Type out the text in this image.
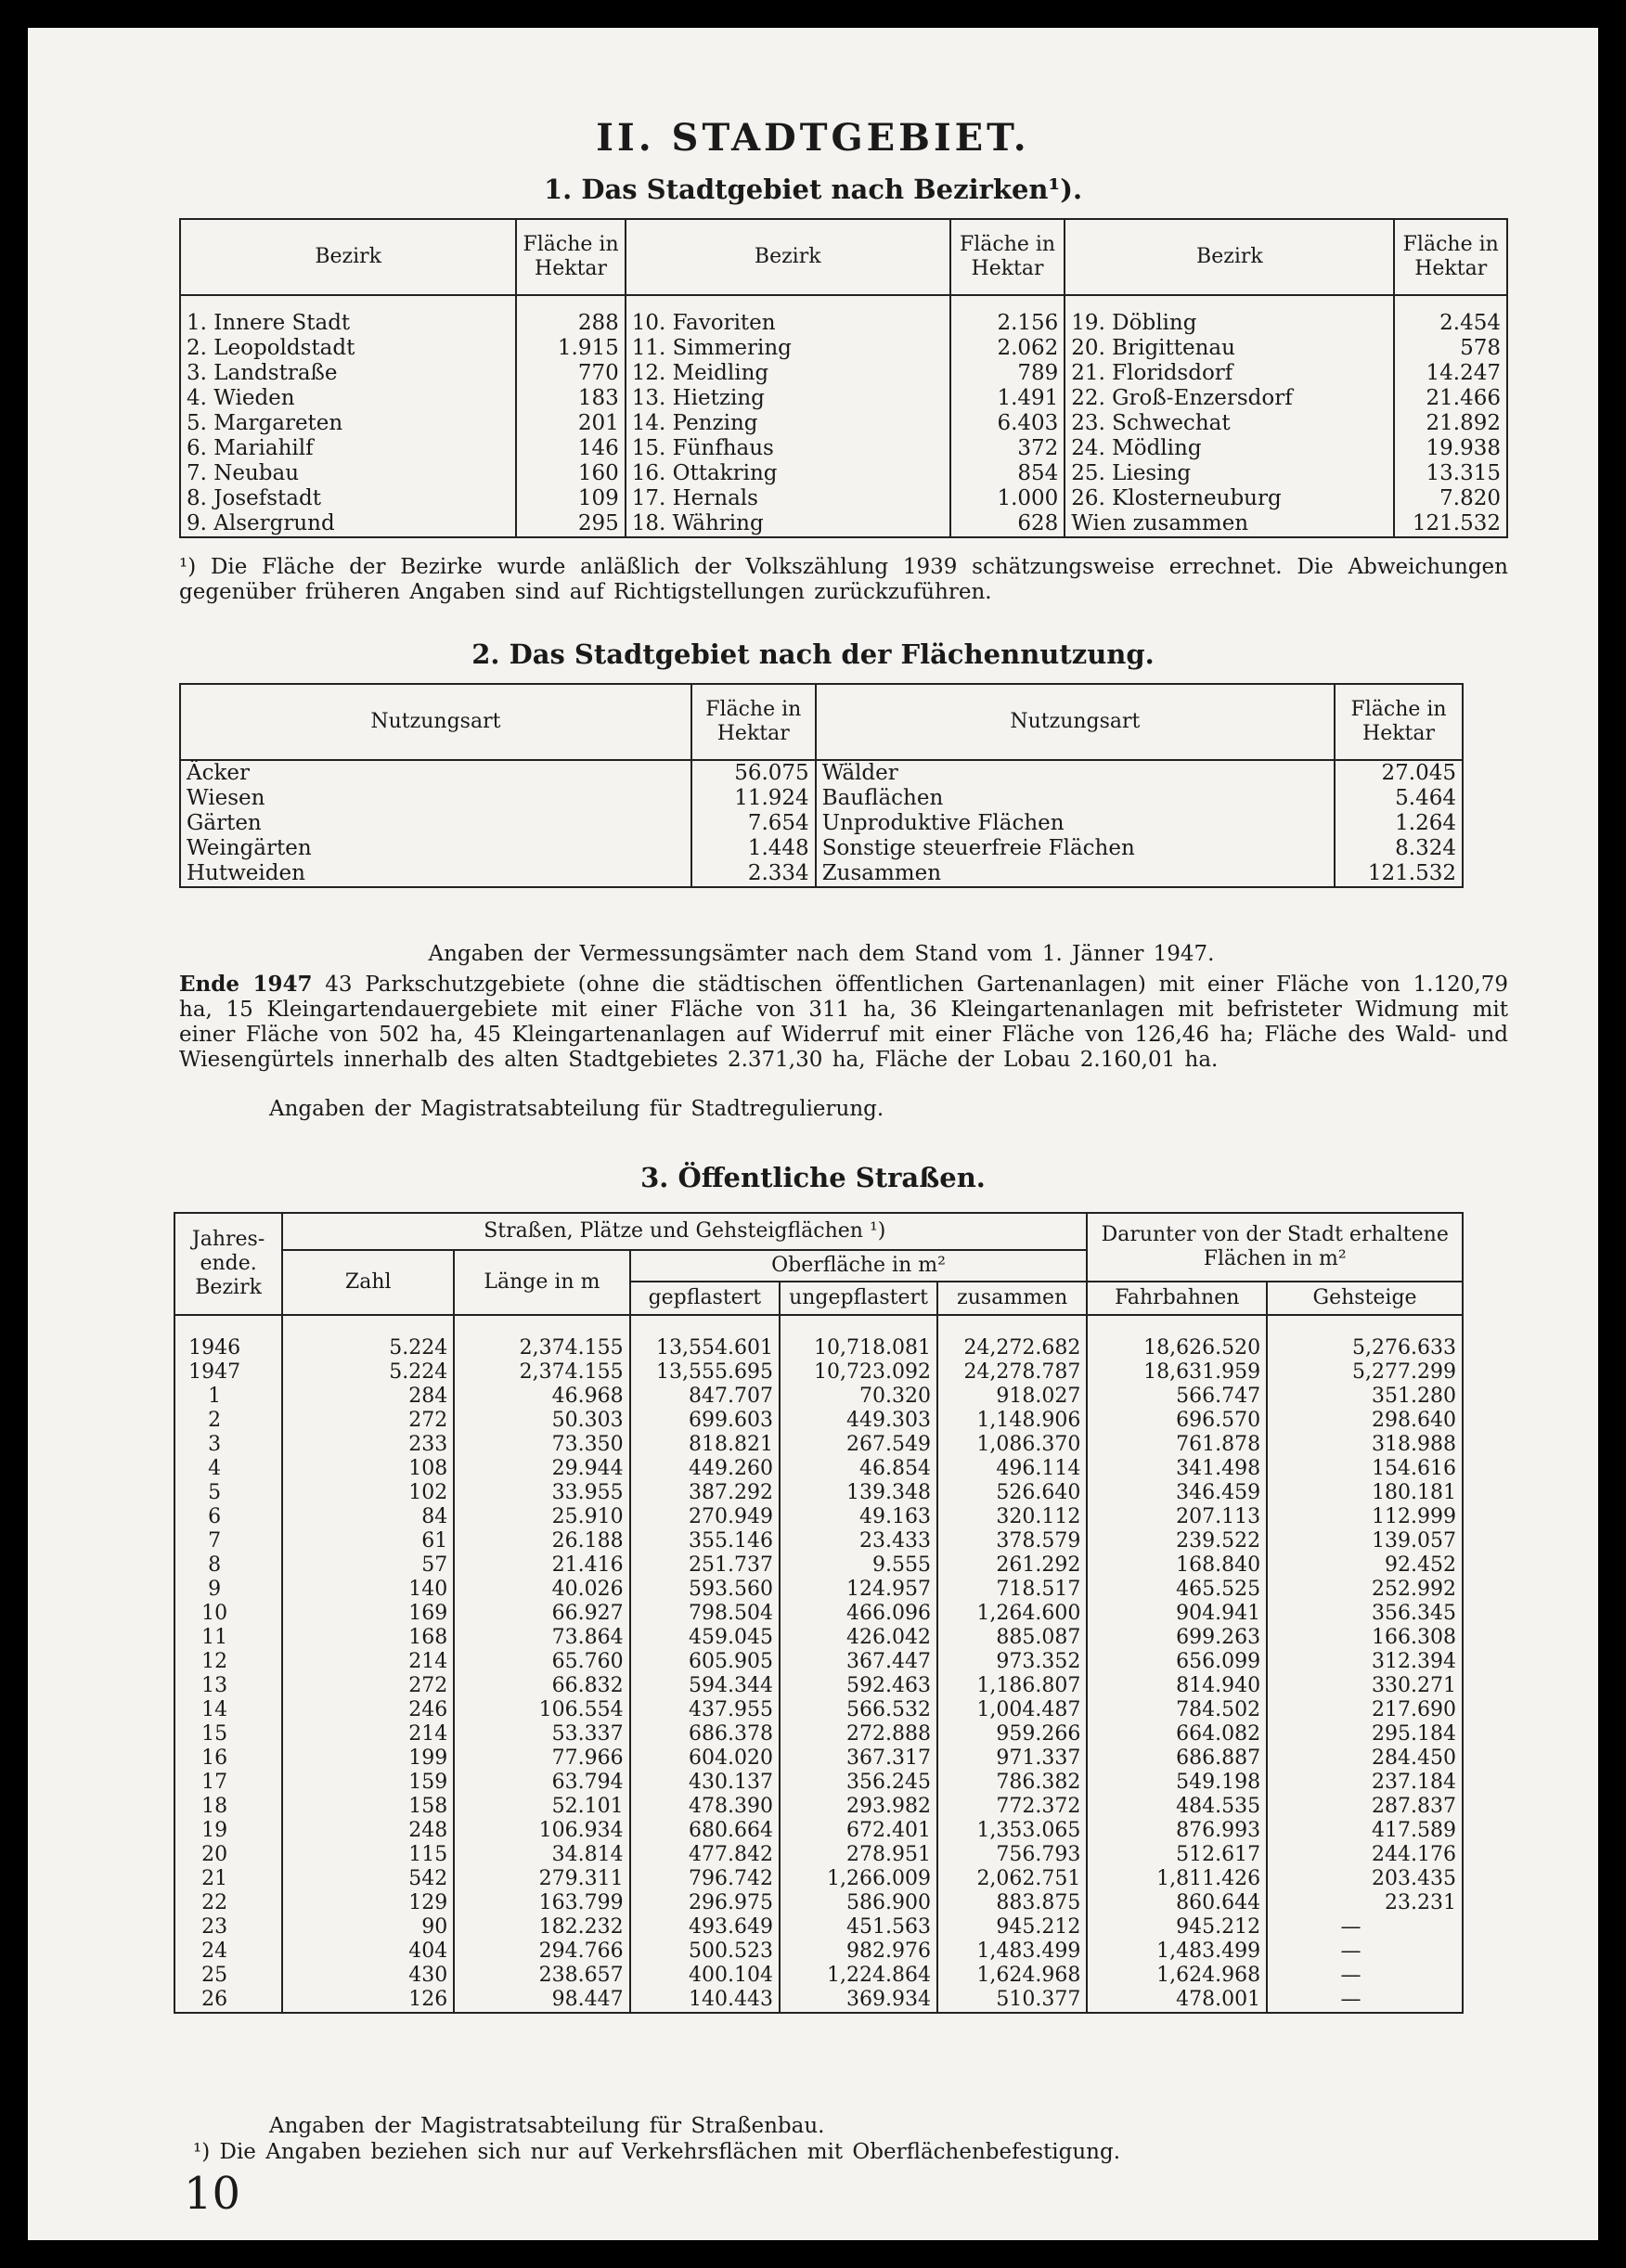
II. STADTGEBIET.
1. Das Stadtgebiet nach Bezirken¹).
Bezirk	Fläche in Hektar	Bezirk	Fläche in Hektar	Bezirk	Fläche in Hektar
1. Innere Stadt	288	10. Favoriten	2.156	19. Döbling	2.454
2. Leopoldstadt	1.915	11. Simmering	2.062	20. Brigittenau	578
3. Landstraße	770	12. Meidling	789	21. Floridsdorf	14.247
4. Wieden	183	13. Hietzing	1.491	22. Groß-Enzersdorf	21.466
5. Margareten	201	14. Penzing	6.403	23. Schwechat	21.892
6. Mariahilf	146	15. Fünfhaus	372	24. Mödling	19.938
7. Neubau	160	16. Ottakring	854	25. Liesing	13.315
8. Josefstadt	109	17. Hernals	1.000	26. Klosterneuburg	7.820
9. Alsergrund	295	18. Währing	628	Wien zusammen	121.532
¹) Die Fläche der Bezirke wurde anläßlich der Volkszählung 1939 schätzungsweise errechnet. Die Abweichungen gegenüber früheren Angaben sind auf Richtigstellungen zurückzuführen.
2. Das Stadtgebiet nach der Flächennutzung.
Nutzungsart	Fläche in Hektar	Nutzungsart	Fläche in Hektar
Äcker	56.075	Wälder	27.045
Wiesen	11.924	Bauflächen	5.464
Gärten	7.654	Unproduktive Flächen	1.264
Weingärten	1.448	Sonstige steuerfreie Flächen	8.324
Hutweiden	2.334	Zusammen	121.532
Angaben der Vermessungsämter nach dem Stand vom 1. Jänner 1947.
Ende 1947 43 Parkschutzgebiete (ohne die städtischen öffentlichen Gartenanlagen) mit einer Fläche von 1.120,79 ha, 15 Kleingartendauergebiete mit einer Fläche von 311 ha, 36 Kleingartenanlagen mit befristeter Widmung mit einer Fläche von 502 ha, 45 Kleingartenanlagen auf Widerruf mit einer Fläche von 126,46 ha; Fläche des Wald- und Wiesengürtels innerhalb des alten Stadtgebietes 2.371,30 ha, Fläche der Lobau 2.160,01 ha.
Angaben der Magistratsabteilung für Stadtregulierung.
3. Öffentliche Straßen.
Jahres-ende. Bezirk	Straßen, Plätze und Gehsteigflächen ¹)					Darunter von der Stadt erhaltene Flächen in m²	
	Zahl	Länge in m	Oberfläche in m²				
			gepflastert	ungepflastert	zusammen	Fahrbahnen	Gehsteige
1946	5.224	2,374.155	13,554.601	10,718.081	24,272.682	18,626.520	5,276.633
1947	5.224	2,374.155	13,555.695	10,723.092	24,278.787	18,631.959	5,277.299
1	284	46.968	847.707	70.320	918.027	566.747	351.280
2	272	50.303	699.603	449.303	1,148.906	696.570	298.640
3	233	73.350	818.821	267.549	1,086.370	761.878	318.988
4	108	29.944	449.260	46.854	496.114	341.498	154.616
5	102	33.955	387.292	139.348	526.640	346.459	180.181
6	84	25.910	270.949	49.163	320.112	207.113	112.999
7	61	26.188	355.146	23.433	378.579	239.522	139.057
8	57	21.416	251.737	9.555	261.292	168.840	92.452
9	140	40.026	593.560	124.957	718.517	465.525	252.992
10	169	66.927	798.504	466.096	1,264.600	904.941	356.345
11	168	73.864	459.045	426.042	885.087	699.263	166.308
12	214	65.760	605.905	367.447	973.352	656.099	312.394
13	272	66.832	594.344	592.463	1,186.807	814.940	330.271
14	246	106.554	437.955	566.532	1,004.487	784.502	217.690
15	214	53.337	686.378	272.888	959.266	664.082	295.184
16	199	77.966	604.020	367.317	971.337	686.887	284.450
17	159	63.794	430.137	356.245	786.382	549.198	237.184
18	158	52.101	478.390	293.982	772.372	484.535	287.837
19	248	106.934	680.664	672.401	1,353.065	876.993	417.589
20	115	34.814	477.842	278.951	756.793	512.617	244.176
21	542	279.311	796.742	1,266.009	2,062.751	1,811.426	203.435
22	129	163.799	296.975	586.900	883.875	860.644	23.231
23	90	182.232	493.649	451.563	945.212	945.212	—
24	404	294.766	500.523	982.976	1,483.499	1,483.499	—
25	430	238.657	400.104	1,224.864	1,624.968	1,624.968	—
26	126	98.447	140.443	369.934	510.377	478.001	—
Angaben der Magistratsabteilung für Straßenbau.
¹) Die Angaben beziehen sich nur auf Verkehrsflächen mit Oberflächenbefestigung.
10
